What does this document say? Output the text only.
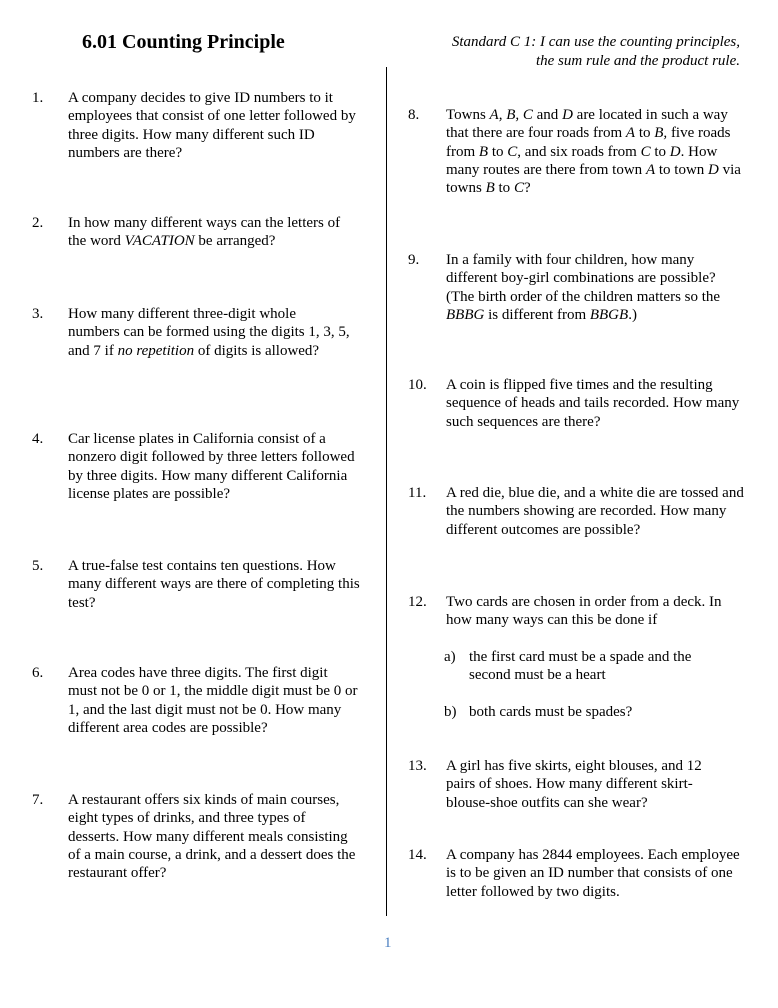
6.01 Counting Principle	Standard C 1: I can use the counting principles,
the sum rule and the product rule.
1. A company decides to give ID numbers to it employees that consist of one letter followed by three digits. How many different such ID numbers are there?
2. In how many different ways can the letters of the word VACATION be arranged?
3. How many different three-digit whole numbers can be formed using the digits 1, 3, 5, and 7 if no repetition of digits is allowed?
4. Car license plates in California consist of a nonzero digit followed by three letters followed by three digits. How many different California license plates are possible?
5. A true-false test contains ten questions. How many different ways are there of completing this test?
6. Area codes have three digits. The first digit must not be 0 or 1, the middle digit must be 0 or 1, and the last digit must not be 0. How many different area codes are possible?
7. A restaurant offers six kinds of main courses, eight types of drinks, and three types of desserts. How many different meals consisting of a main course, a drink, and a dessert does the restaurant offer?
8. Towns A, B, C and D are located in such a way that there are four roads from A to B, five roads from B to C, and six roads from C to D. How many routes are there from town A to town D via towns B to C?
9. In a family with four children, how many different boy-girl combinations are possible? (The birth order of the children matters so the BBBG is different from BBGB.)
10. A coin is flipped five times and the resulting sequence of heads and tails recorded. How many such sequences are there?
11. A red die, blue die, and a white die are tossed and the numbers showing are recorded. How many different outcomes are possible?
12. Two cards are chosen in order from a deck. In how many ways can this be done if
a) the first card must be a spade and the second must be a heart
b) both cards must be spades?
13. A girl has five skirts, eight blouses, and 12 pairs of shoes. How many different skirt-blouse-shoe outfits can she wear?
14. A company has 2844 employees. Each employee is to be given an ID number that consists of one letter followed by two digits.
1
